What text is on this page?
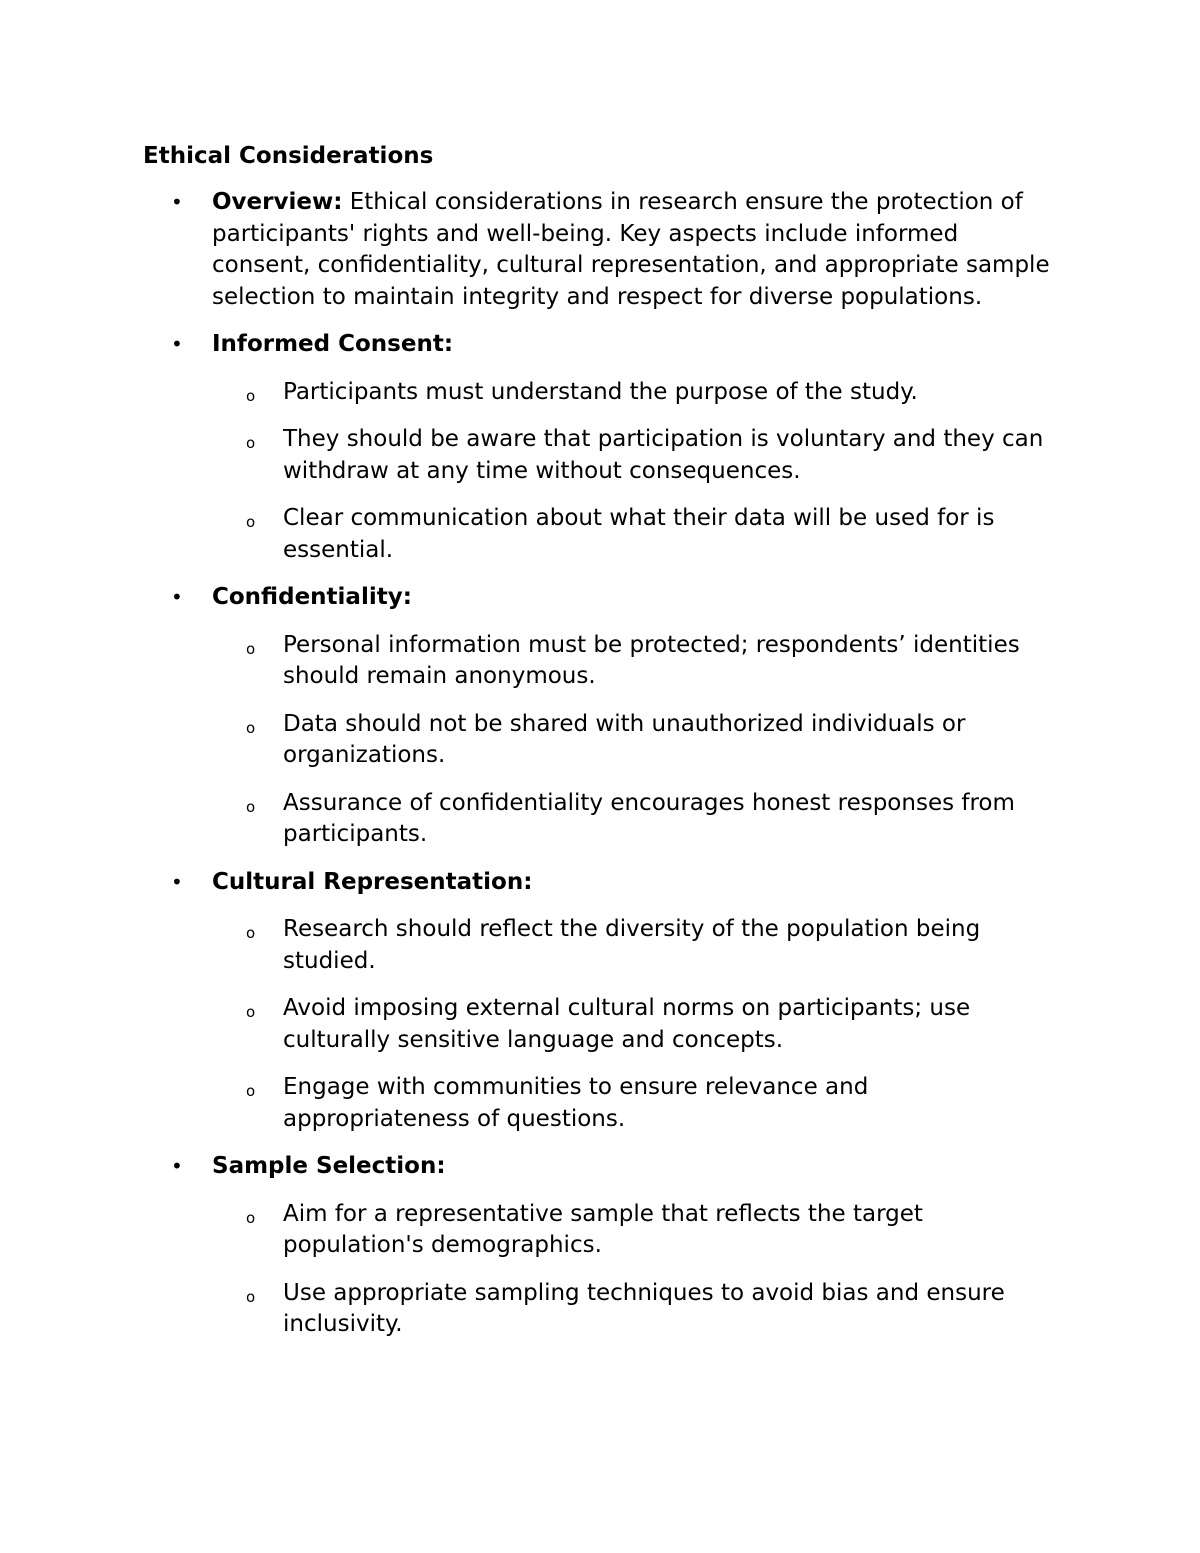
Ethical Considerations
• Overview: Ethical considerations in research ensure the protection of participants' rights and well-being. Key aspects include informed consent, confidentiality, cultural representation, and appropriate sample selection to maintain integrity and respect for diverse populations.
• Informed Consent:
o Participants must understand the purpose of the study.
o They should be aware that participation is voluntary and they can withdraw at any time without consequences.
o Clear communication about what their data will be used for is essential.
• Confidentiality:
o Personal information must be protected; respondents’ identities should remain anonymous.
o Data should not be shared with unauthorized individuals or organizations.
o Assurance of confidentiality encourages honest responses from participants.
• Cultural Representation:
o Research should reflect the diversity of the population being studied.
o Avoid imposing external cultural norms on participants; use culturally sensitive language and concepts.
o Engage with communities to ensure relevance and appropriateness of questions.
• Sample Selection:
o Aim for a representative sample that reflects the target population's demographics.
o Use appropriate sampling techniques to avoid bias and ensure inclusivity.
